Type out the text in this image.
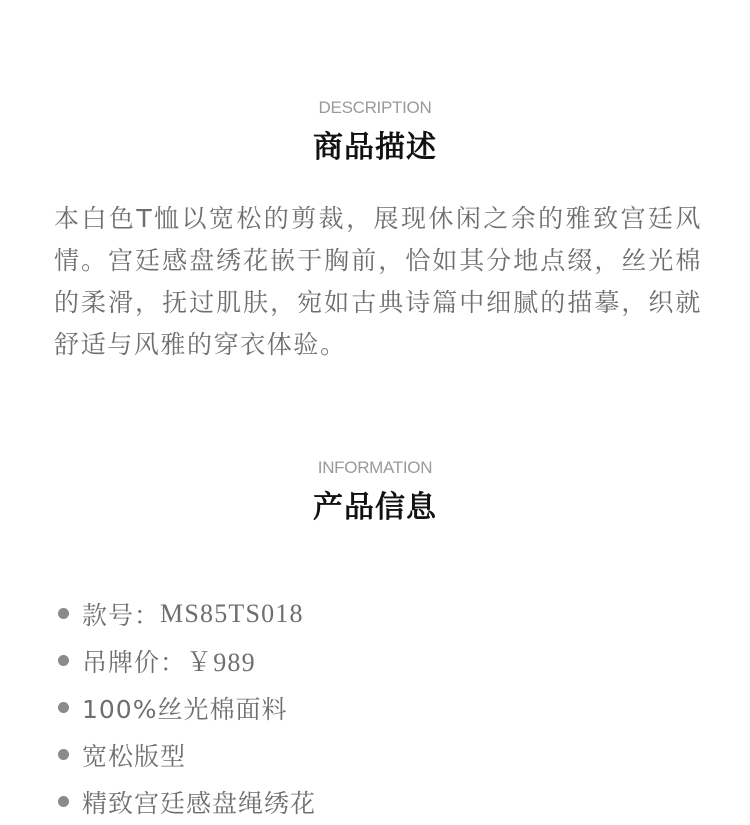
DESCRIPTION
商品描述

本白色T恤以宽松的剪裁，展现休闲之余的雅致宫廷风情。宫廷感盘绣花嵌于胸前，恰如其分地点缀，丝光棉的柔滑，抚过肌肤，宛如古典诗篇中细腻的描摹，织就舒适与风雅的穿衣体验。

INFORMATION
产品信息
款号： MS85TS018
吊牌价： ￥989
100%丝光棉面料
宽松版型
精致宫廷感盘绳绣花
